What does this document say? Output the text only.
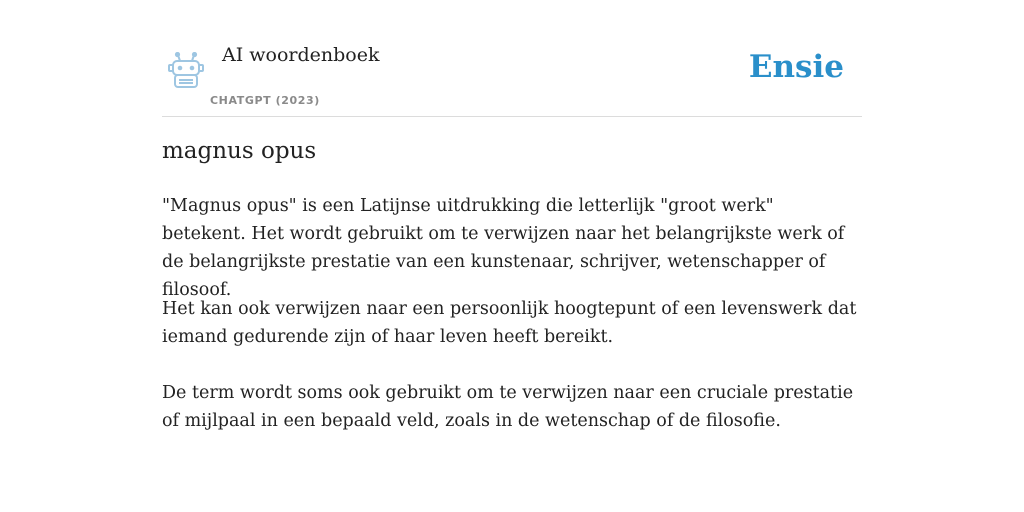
AI woordenboek
CHATGPT (2023)
Ensie
magnus opus

"Magnus opus" is een Latijnse uitdrukking die letterlijk "groot werk" betekent. Het wordt gebruikt om te verwijzen naar het belangrijkste werk of de belangrijkste prestatie van een kunstenaar, schrijver, wetenschapper of filosoof.

Het kan ook verwijzen naar een persoonlijk hoogtepunt of een levenswerk dat iemand gedurende zijn of haar leven heeft bereikt.

De term wordt soms ook gebruikt om te verwijzen naar een cruciale prestatie of mijlpaal in een bepaald veld, zoals in de wetenschap of de filosofie.
